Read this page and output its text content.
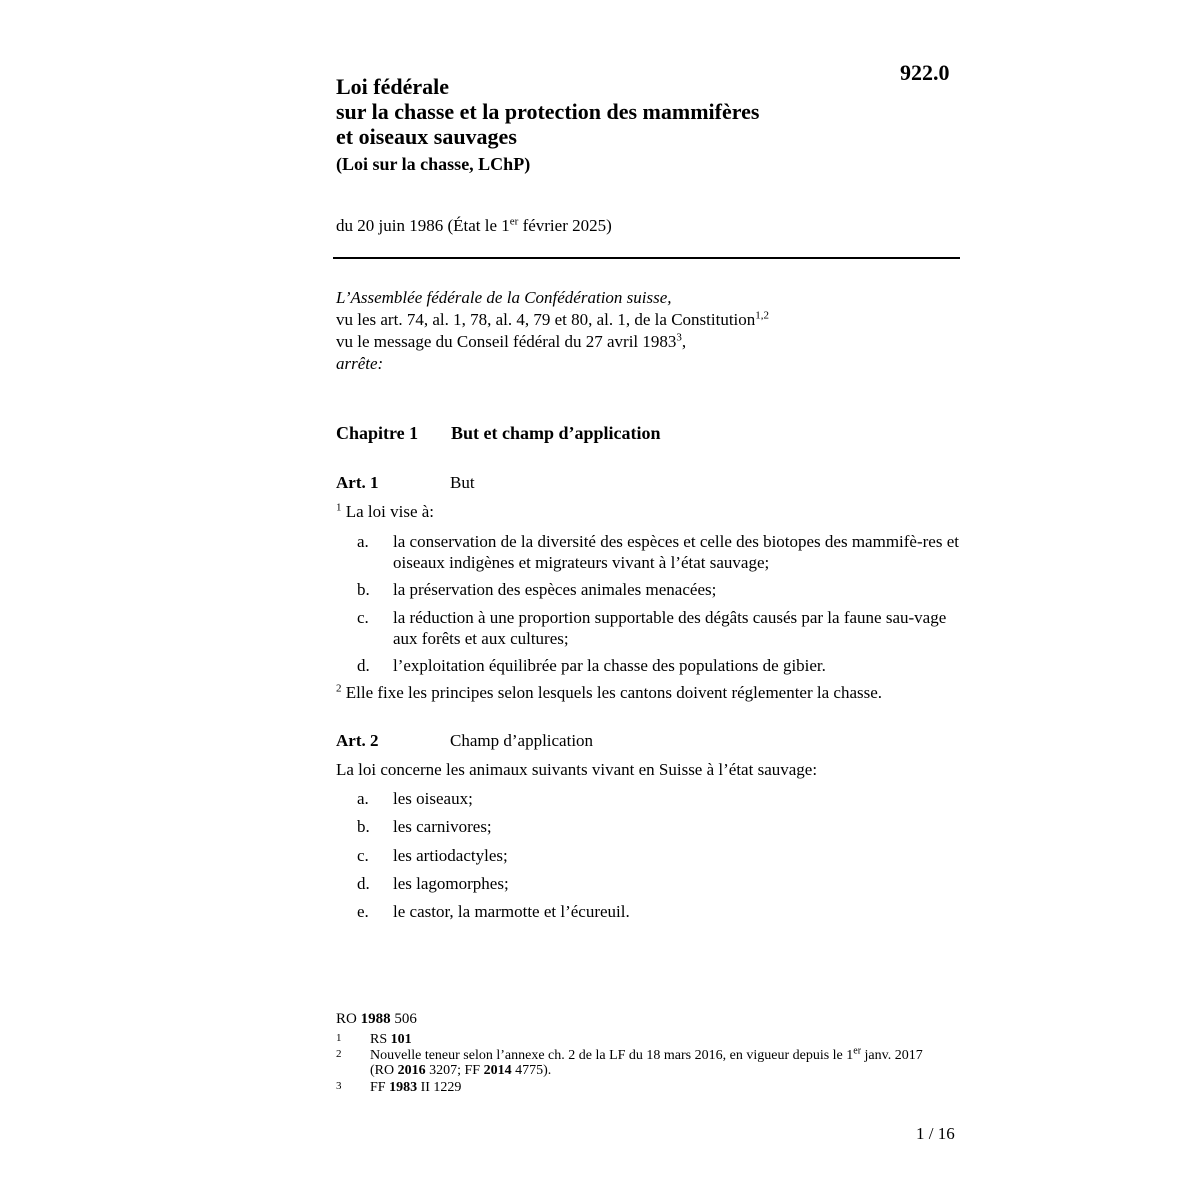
922.0
Loi fédérale
sur la chasse et la protection des mammifères
et oiseaux sauvages
(Loi sur la chasse, LChP)
du 20 juin 1986 (État le 1er février 2025)
L’Assemblée fédérale de la Confédération suisse,
vu les art. 74, al. 1, 78, al. 4, 79 et 80, al. 1, de la Constitution$^{1,2}$
vu le message du Conseil fédéral du 27 avril 1983$^3$,
arrête:
Chapitre 1 But et champ d’application
Art. 1	But
$^1$ La loi vise à:
a. la conservation de la diversité des espèces et celle des biotopes des mammifè-res et oiseaux indigènes et migrateurs vivant à l’état sauvage;
b. la préservation des espèces animales menacées;
c. la réduction à une proportion supportable des dégâts causés par la faune sau-vage aux forêts et aux cultures;
d. l’exploitation équilibrée par la chasse des populations de gibier.
$^2$ Elle fixe les principes selon lesquels les cantons doivent réglementer la chasse.
Art. 2	Champ d’application
La loi concerne les animaux suivants vivant en Suisse à l’état sauvage:
a. les oiseaux;
b. les carnivores;
c. les artiodactyles;
d. les lagomorphes;
e. le castor, la marmotte et l’écureuil.
RO 1988 506
1 RS 101
2 Nouvelle teneur selon l’annexe ch. 2 de la LF du 18 mars 2016, en vigueur depuis le 1er janv. 2017 (RO 2016 3207; FF 2014 4775).
3 FF 1983 II 1229
1 / 16
